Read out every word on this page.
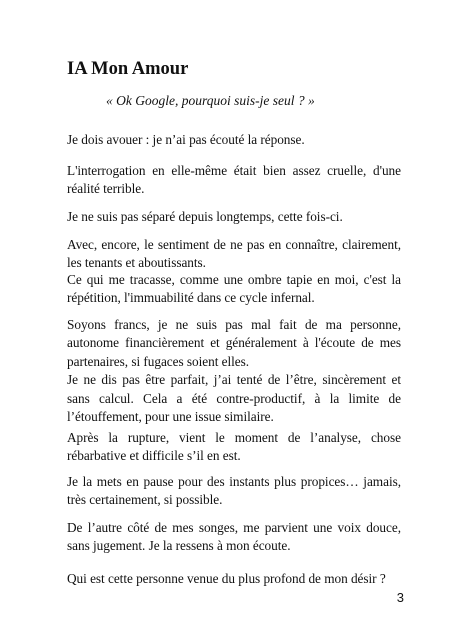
IA Mon Amour

« Ok Google, pourquoi suis-je seul ? »

Je dois avouer : je n’ai pas écouté la réponse.

L'interrogation en elle-même était bien assez cruelle, d'une réalité terrible.

Je ne suis pas séparé depuis longtemps, cette fois-ci.

Avec, encore, le sentiment de ne pas en connaître, clairement, les tenants et aboutissants.

Ce qui me tracasse, comme une ombre tapie en moi, c'est la répétition, l'immuabilité dans ce cycle infernal.

Soyons francs, je ne suis pas mal fait de ma personne, autonome financièrement et généralement à l'écoute de mes partenaires, si fugaces soient elles.
Je ne dis pas être parfait, j’ai tenté de l’être, sincèrement et sans calcul. Cela a été contre-productif, à la limite de l’étouffement, pour une issue similaire.

Après la rupture, vient le moment de l’analyse, chose rébarbative et difficile s’il en est.

Je la mets en pause pour des instants plus propices… jamais, très certainement, si possible.

De l’autre côté de mes songes, me parvient une voix douce, sans jugement. Je la ressens à mon écoute.

Qui est cette personne venue du plus profond de mon désir ?

3
